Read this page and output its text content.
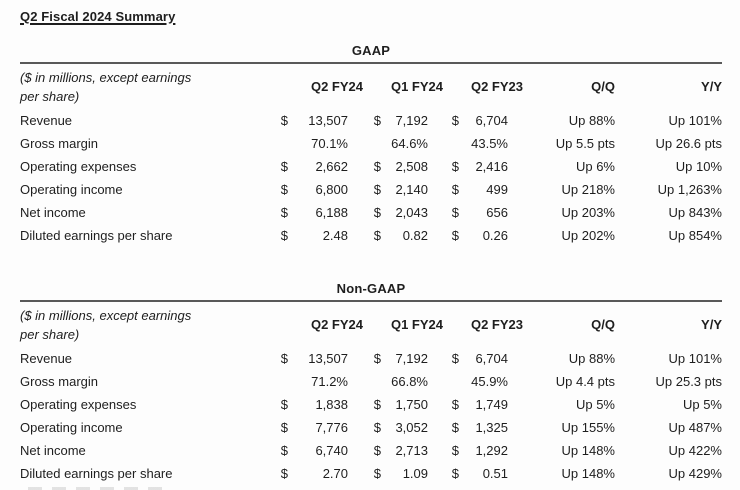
Q2 Fiscal 2024 Summary
GAAP
($ in millions, except earnings
per share)	Q2 FY24		Q1 FY24		Q2 FY23		Q/Q	Y/Y
Revenue	$	13,507	$	7,192	$	6,704	Up 88%	Up 101%
Gross margin		70.1%		64.6%		43.5%	Up 5.5 pts	Up 26.6 pts
Operating expenses	$	2,662	$	2,508	$	2,416	Up 6%	Up 10%
Operating income	$	6,800	$	2,140	$	499	Up 218%	Up 1,263%
Net income	$	6,188	$	2,043	$	656	Up 203%	Up 843%
Diluted earnings per share	$	2.48	$	0.82	$	0.26	Up 202%	Up 854%
Non-GAAP
($ in millions, except earnings
per share)	Q2 FY24		Q1 FY24		Q2 FY23		Q/Q	Y/Y
Revenue	$	13,507	$	7,192	$	6,704	Up 88%	Up 101%
Gross margin		71.2%		66.8%		45.9%	Up 4.4 pts	Up 25.3 pts
Operating expenses	$	1,838	$	1,750	$	1,749	Up 5%	Up 5%
Operating income	$	7,776	$	3,052	$	1,325	Up 155%	Up 487%
Net income	$	6,740	$	2,713	$	1,292	Up 148%	Up 422%
Diluted earnings per share	$	2.70	$	1.09	$	0.51	Up 148%	Up 429%
